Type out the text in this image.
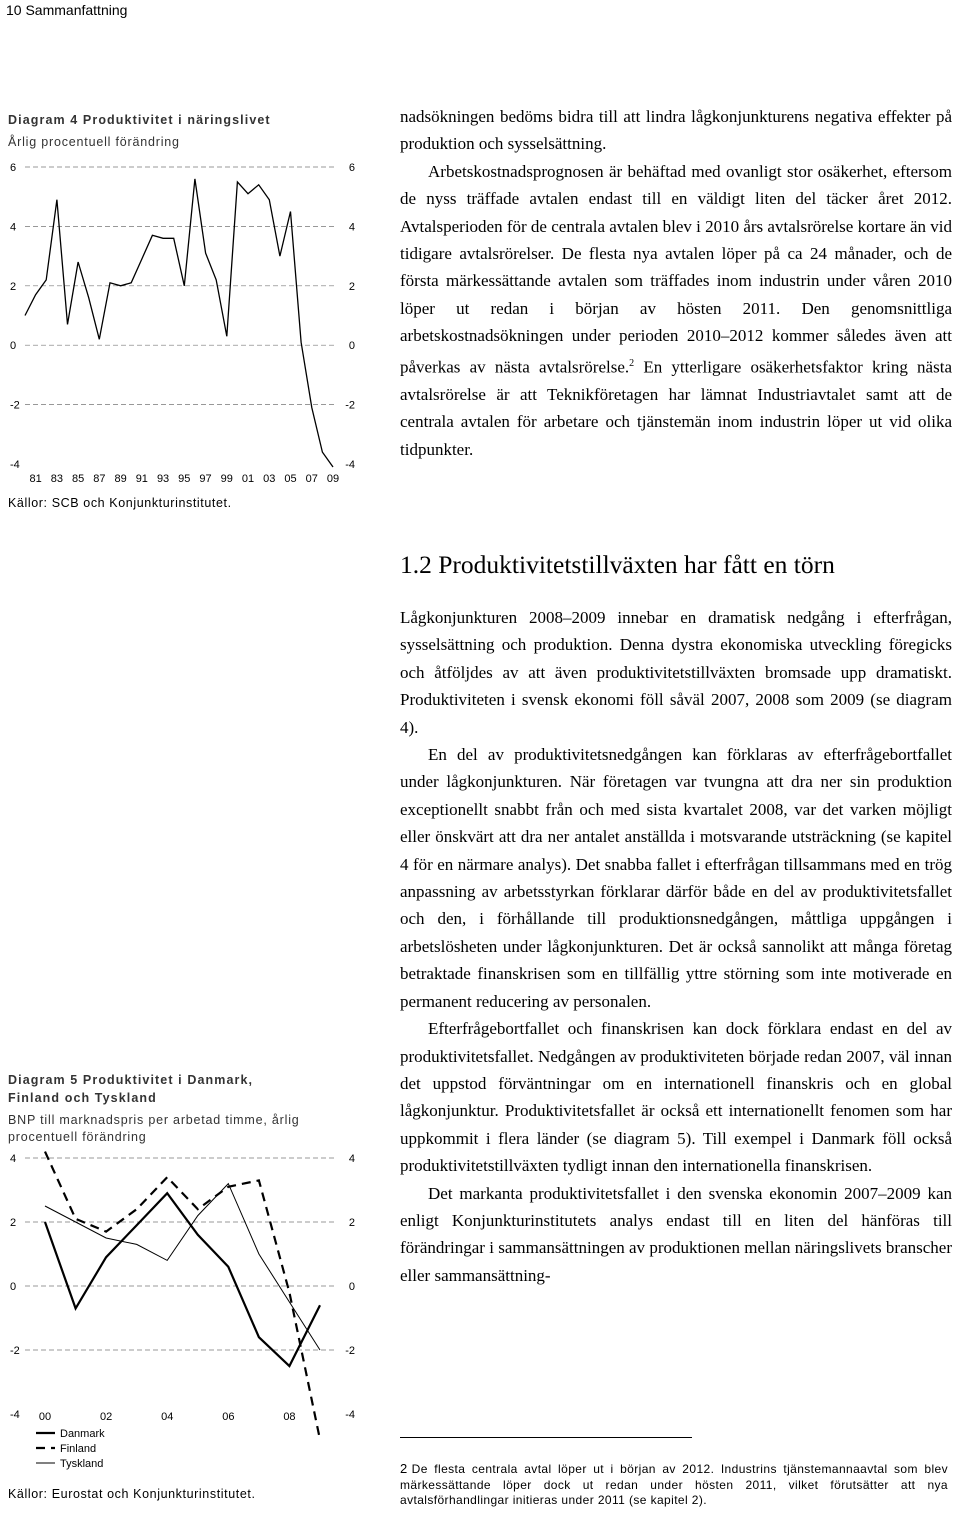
10 Sammanfattning
Diagram 4 Produktivitet i näringslivet
Årlig procentuell förändring
-4	-4
-2	-2
0	0
2	2
4	4
6	6
81 83 85 87 89 91 93 95 97 99 01 03 05 07 09
Källor: SCB och Konjunkturinstitutet.
Diagram 5 Produktivitet i Danmark,
Finland och Tyskland
BNP till marknadspris per arbetad timme, årlig
procentuell förändring
-4	-4
-2	-2
0	0
2	2
4	4
00	02	04	06	08
Danmark
Finland
Tyskland
Källor: Eurostat och Konjunkturinstitutet.

nadsökningen bedöms bidra till att lindra lågkonjunkturens negativa effekter på produktion och sysselsättning.

Arbetskostnadsprognosen är behäftad med ovanligt stor osäkerhet, eftersom de nyss träffade avtalen endast till en väldigt liten del täcker året 2012. Avtalsperioden för de centrala avtalen blev i 2010 års avtalsrörelse kortare än vid tidigare avtalsrörelser. De flesta nya avtalen löper på ca 24 månader, och de första märkessättande avtalen som träffades inom industrin under våren 2010 löper ut redan i början av hösten 2011. Den genomsnittliga arbetskostnadsökningen under perioden 2010–2012 kommer således även att påverkas av nästa avtalsrörelse.$^2$ En ytterligare osäkerhetsfaktor kring nästa avtalsrörelse är att Teknikföretagen har lämnat Industriavtalet samt att de centrala avtalen för arbetare och tjänstemän inom industrin löper ut vid olika tidpunkter.

1.2 Produktivitetstillväxten har fått en törn

Lågkonjunkturen 2008–2009 innebar en dramatisk nedgång i efterfrågan, sysselsättning och produktion. Denna dystra ekonomiska utveckling föregicks och åtföljdes av att även produktivitetstillväxten bromsade upp dramatiskt. Produktiviteten i svensk ekonomi föll såväl 2007, 2008 som 2009 (se diagram 4).

En del av produktivitetsnedgången kan förklaras av efterfrågebortfallet under lågkonjunkturen. När företagen var tvungna att dra ner sin produktion exceptionellt snabbt från och med sista kvartalet 2008, var det varken möjligt eller önskvärt att dra ner antalet anställda i motsvarande utsträckning (se kapitel 4 för en närmare analys). Det snabba fallet i efterfrågan tillsammans med en trög anpassning av arbetsstyrkan förklarar därför både en del av produktivitetsfallet och den, i förhållande till produktionsnedgången, måttliga uppgången i arbetslösheten under lågkonjunkturen. Det är också sannolikt att många företag betraktade finanskrisen som en tillfällig yttre störning som inte motiverade en permanent reducering av personalen.

Efterfrågebortfallet och finanskrisen kan dock förklara endast en del av produktivitetsfallet. Nedgången av produktiviteten började redan 2007, väl innan det uppstod förväntningar om en internationell finanskris och en global lågkonjunktur. Produktivitetsfallet är också ett internationellt fenomen som har uppkommit i flera länder (se diagram 5). Till exempel i Danmark föll också produktivitetstillväxten tydligt innan den internationella finanskrisen.

Det markanta produktivitetsfallet i den svenska ekonomin 2007–2009 kan enligt Konjunkturinstitutets analys endast till en liten del hänföras till förändringar i sammansättningen av produktionen mellan näringslivets branscher eller sammansättning-

2 De flesta centrala avtal löper ut i början av 2012. Industrins tjänstemannaavtal som blev märkessättande löper dock ut redan under hösten 2011, vilket förutsätter att nya avtalsförhandlingar initieras under 2011 (se kapitel 2).
